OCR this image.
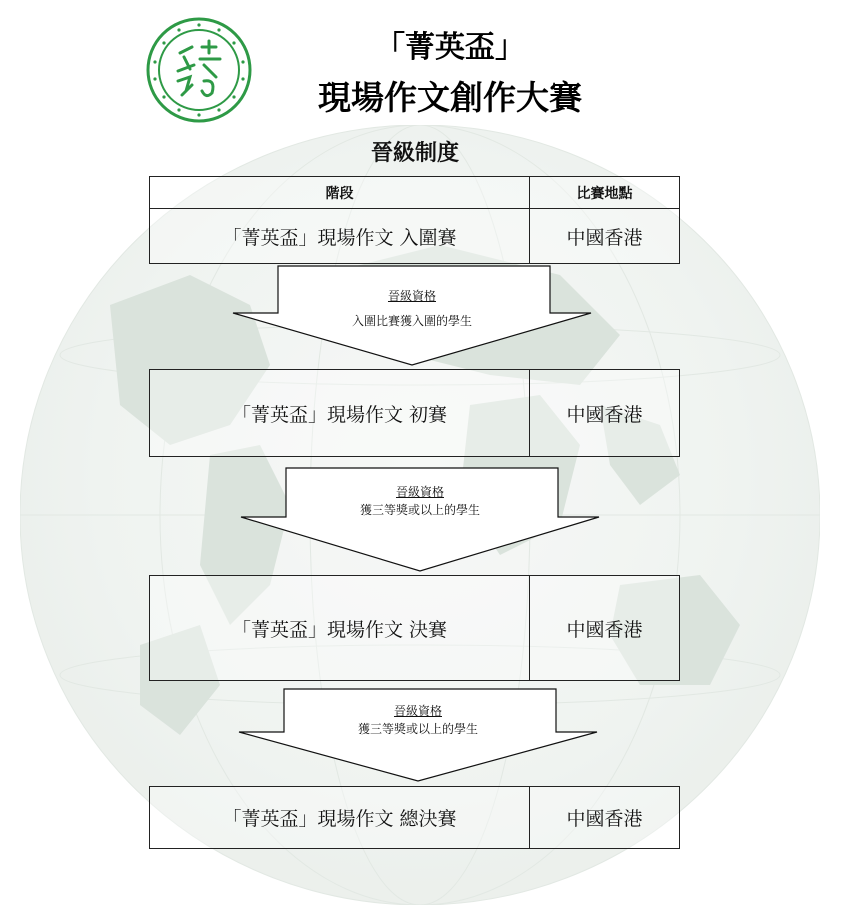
「菁英盃」
現場作文創作大賽
晉級制度
階段	比賽地點
「菁英盃」現場作文 入圍賽	中國香港
晉級資格
入圍比賽獲入圍的學生
「菁英盃」現場作文 初賽	中國香港
晉級資格
獲三等獎或以上的學生
「菁英盃」現場作文 決賽	中國香港
晉級資格
獲三等獎或以上的學生
「菁英盃」現場作文 總決賽	中國香港
